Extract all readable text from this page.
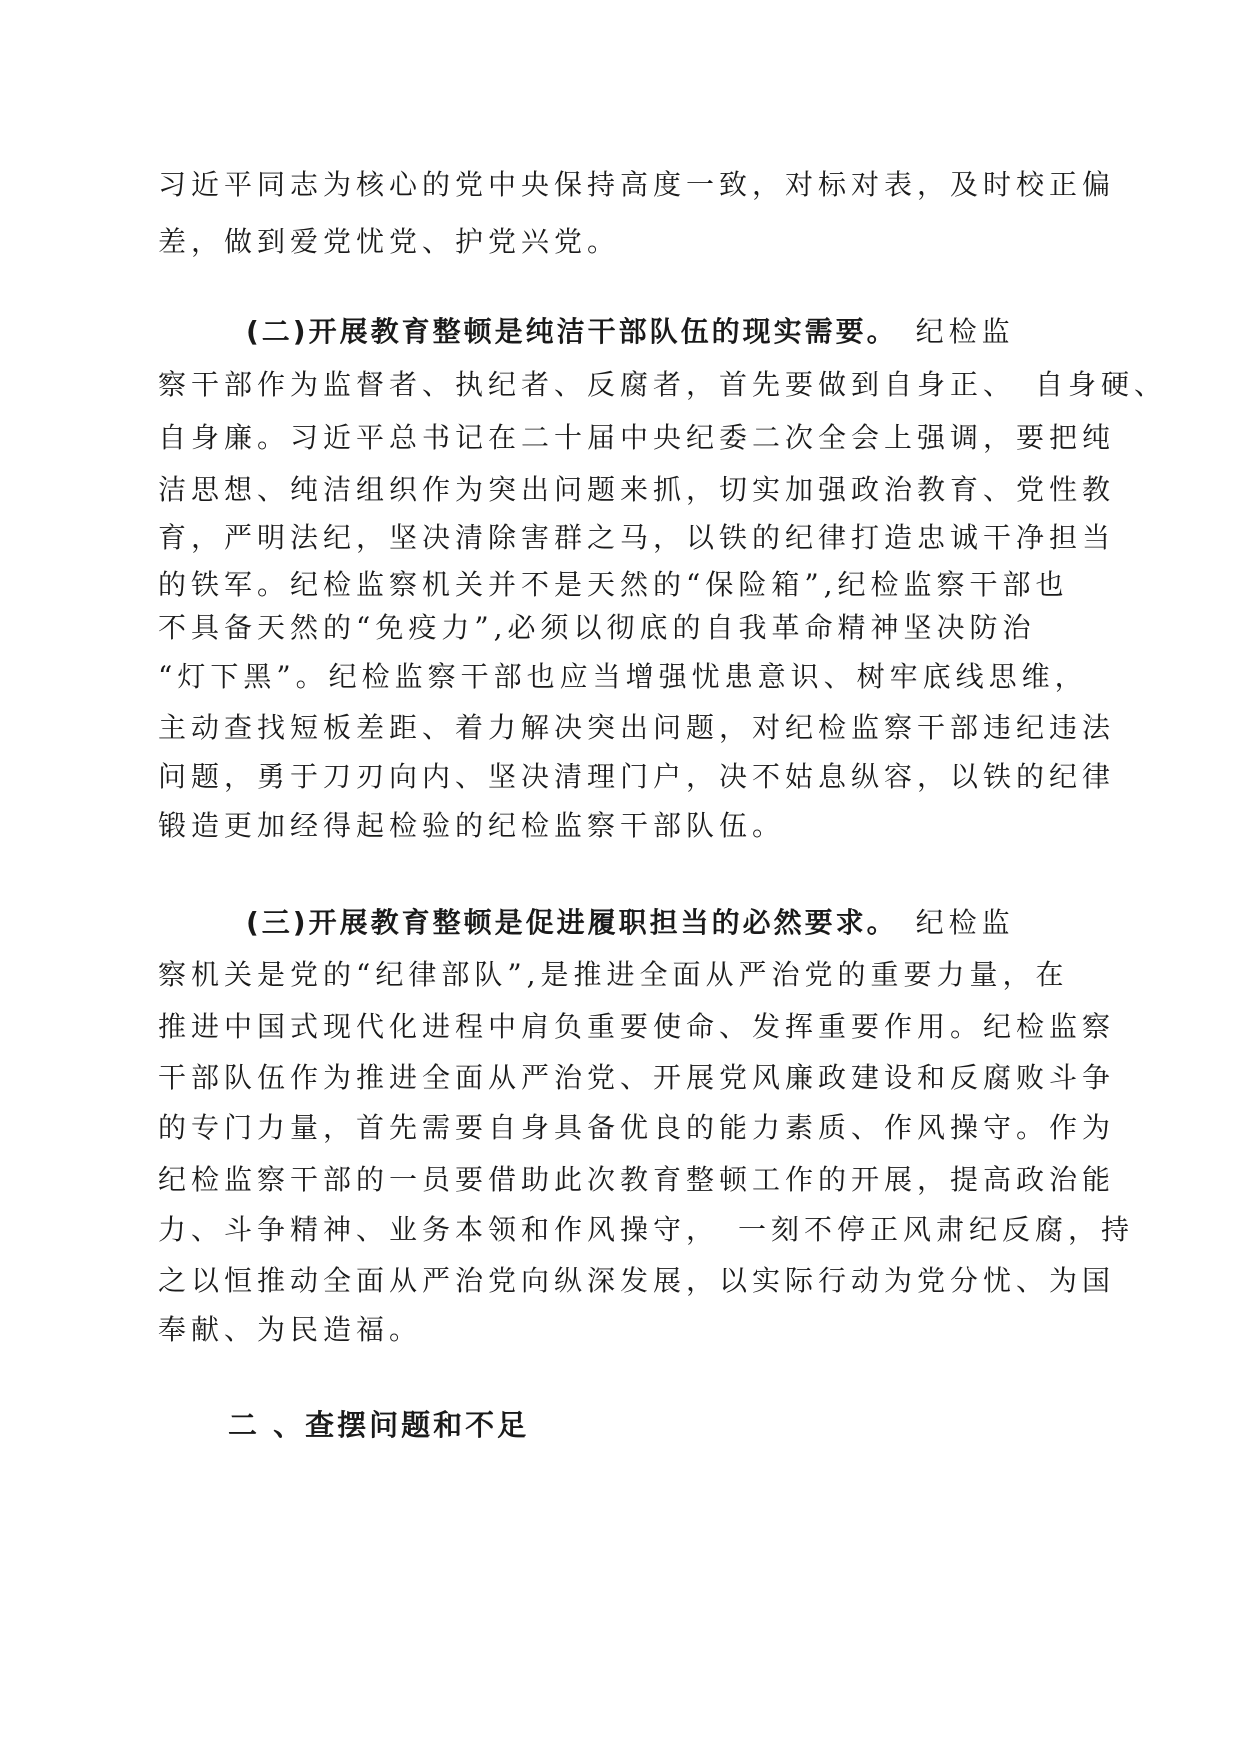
习近平同志为核心的党中央保持高度一致，对标对表，及时校正偏
差，做到爱党忧党、护党兴党。
(二)开展教育整顿是纯洁干部队伍的现实需要。 纪检监
察干部作为监督者、执纪者、反腐者，首先要做到自身正、　自身硬、
自身廉。习近平总书记在二十届中央纪委二次全会上强调，要把纯
洁思想、纯洁组织作为突出问题来抓，切实加强政治教育、党性教
育，严明法纪，坚决清除害群之马，以铁的纪律打造忠诚干净担当
的铁军。纪检监察机关并不是天然的“保险箱”,纪检监察干部也
不具备天然的“免疫力”,必须以彻底的自我革命精神坚决防治
“灯下黑”。纪检监察干部也应当增强忧患意识、树牢底线思维，
主动查找短板差距、着力解决突出问题，对纪检监察干部违纪违法
问题，勇于刀刃向内、坚决清理门户，决不姑息纵容，以铁的纪律
锻造更加经得起检验的纪检监察干部队伍。
(三)开展教育整顿是促进履职担当的必然要求。 纪检监
察机关是党的“纪律部队”,是推进全面从严治党的重要力量，在
推进中国式现代化进程中肩负重要使命、发挥重要作用。纪检监察
干部队伍作为推进全面从严治党、开展党风廉政建设和反腐败斗争
的专门力量，首先需要自身具备优良的能力素质、作风操守。作为
纪检监察干部的一员要借助此次教育整顿工作的开展，提高政治能
力、斗争精神、业务本领和作风操守，　一刻不停正风肃纪反腐，持
之以恒推动全面从严治党向纵深发展，以实际行动为党分忧、为国
奉献、为民造福。
二 、查摆问题和不足
